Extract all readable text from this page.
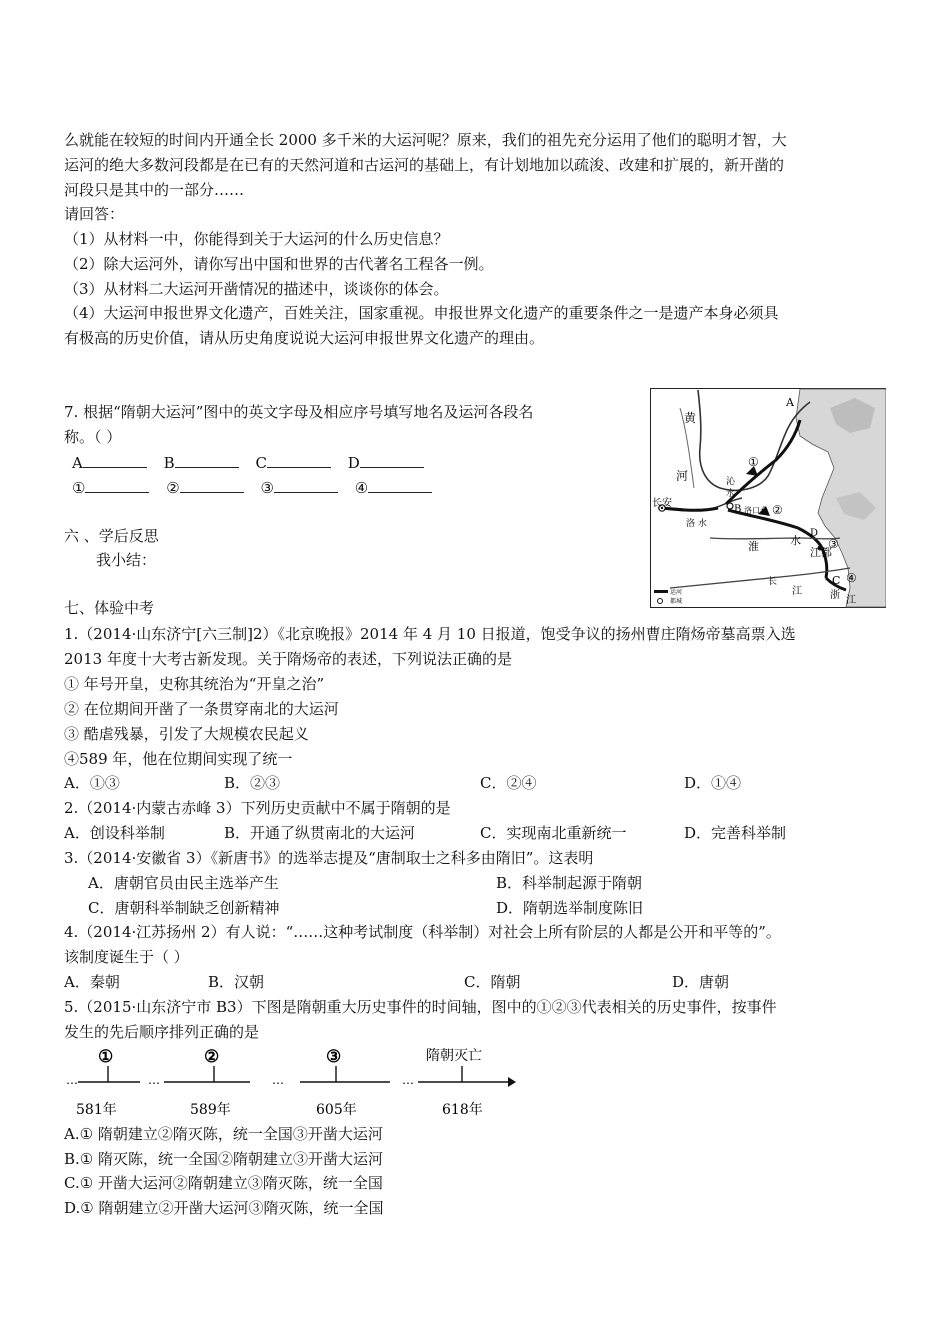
么就能在较短的时间内开通全长 2000 多千米的大运河呢？原来，我们的祖先充分运用了他们的聪明才智，大
运河的绝大多数河段都是在已有的天然河道和古运河的基础上，有计划地加以疏浚、改建和扩展的，新开凿的
河段只是其中的一部分……
请回答：
（1）从材料一中，你能得到关于大运河的什么历史信息？
（2）除大运河外，请你写出中国和世界的古代著名工程各一例。
（3）从材料二大运河开凿情况的描述中，谈谈你的体会。
（4）大运河申报世界文化遗产，百姓关注，国家重视。申报世界文化遗产的重要条件之一是遗产本身必须具
有极高的历史价值，请从历史角度说说大运河申报世界文化遗产的理由。
7. 根据“隋朝大运河”图中的英文字母及相应序号填写地名及运河各段名
称。（ ）
A	B	C	D
①	②	③	④
黄
河
长安
洛 水
B 洛口仓
沁
水
淮	水
江都
长
江	浙 江
A
C
D
①
②
③
④
运河
都城
六 、学后反思
我小结：
七、体验中考
1.（2014·山东济宁[六三制]2）《北京晚报》2014 年 4 月 10 日报道，饱受争议的扬州曹庄隋炀帝墓高票入选
2013 年度十大考古新发现。关于隋炀帝的表述，下列说法正确的是
① 年号开皇，史称其统治为“开皇之治”
② 在位期间开凿了一条贯穿南北的大运河
③ 酷虐残暴，引发了大规模农民起义
④589 年，他在位期间实现了统一
A．①③	B．②③	C．②④	D．①④
2.（2014·内蒙古赤峰 3）下列历史贡献中不属于隋朝的是
A．创设科举制	B．开通了纵贯南北的大运河	C．实现南北重新统一	D．完善科举制
3.（2014·安徽省 3）《新唐书》的选举志提及“唐制取士之科多由隋旧”。这表明
A．唐朝官员由民主选举产生	B．科举制起源于隋朝
C．唐朝科举制缺乏创新精神	D．隋朝选举制度陈旧
4.（2014·江苏扬州 2）有人说：“……这种考试制度（科举制）对社会上所有阶层的人都是公开和平等的”。
该制度诞生于（ ）
A．秦朝	B．汉朝	C．隋朝	D．唐朝
5.（2015·山东济宁市 B3）下图是隋朝重大历史事件的时间轴，图中的①②③代表相关的历史事件，按事件
发生的先后顺序排列正确的是
…	…	…	…
①	②	③	隋朝灭亡
581年	589年	605年	618年
A.① 隋朝建立②隋灭陈，统一全国③开凿大运河
B.① 隋灭陈，统一全国②隋朝建立③开凿大运河
C.① 开凿大运河②隋朝建立③隋灭陈，统一全国
D.① 隋朝建立②开凿大运河③隋灭陈，统一全国
